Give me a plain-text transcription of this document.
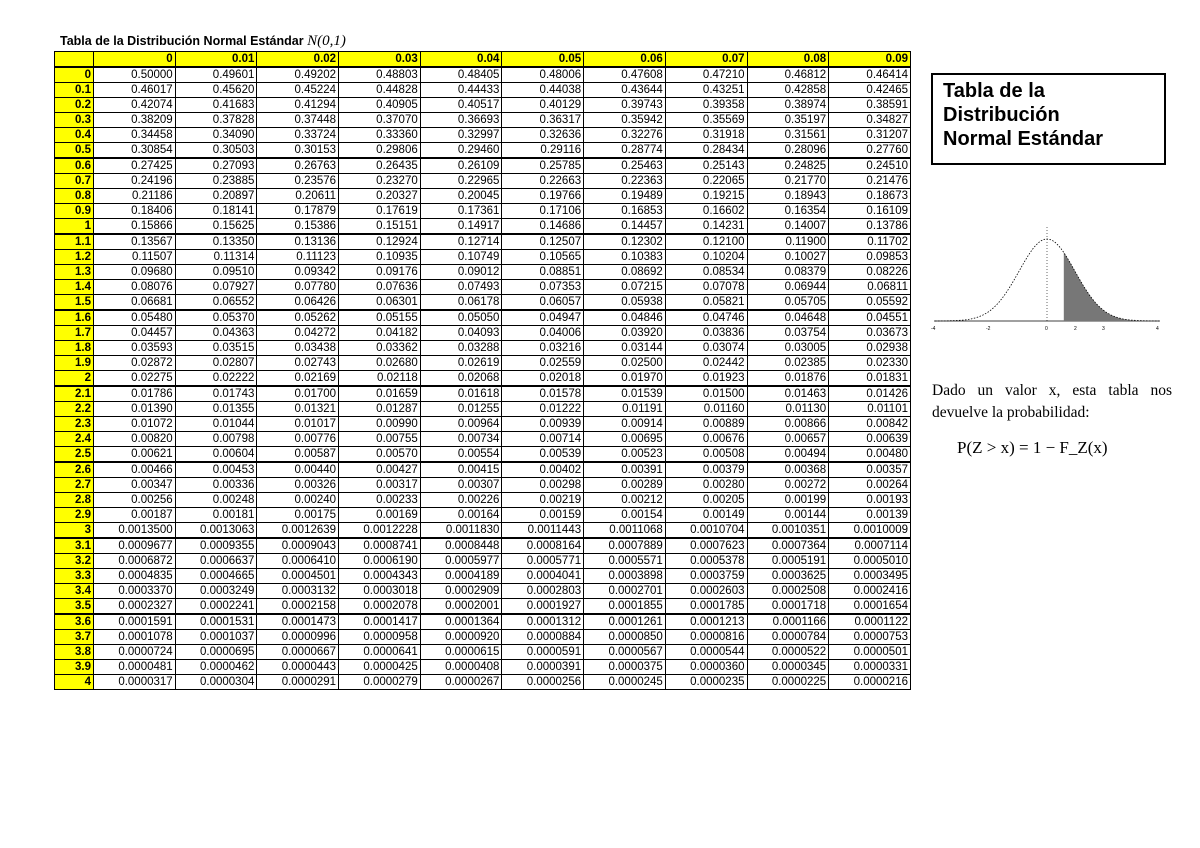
Tabla de la Distribución Normal Estándar N(0,1)
	0	0.01	0.02	0.03	0.04	0.05	0.06	0.07	0.08	0.09
0	0.50000	0.49601	0.49202	0.48803	0.48405	0.48006	0.47608	0.47210	0.46812	0.46414
0.1	0.46017	0.45620	0.45224	0.44828	0.44433	0.44038	0.43644	0.43251	0.42858	0.42465
0.2	0.42074	0.41683	0.41294	0.40905	0.40517	0.40129	0.39743	0.39358	0.38974	0.38591
0.3	0.38209	0.37828	0.37448	0.37070	0.36693	0.36317	0.35942	0.35569	0.35197	0.34827
0.4	0.34458	0.34090	0.33724	0.33360	0.32997	0.32636	0.32276	0.31918	0.31561	0.31207
0.5	0.30854	0.30503	0.30153	0.29806	0.29460	0.29116	0.28774	0.28434	0.28096	0.27760
0.6	0.27425	0.27093	0.26763	0.26435	0.26109	0.25785	0.25463	0.25143	0.24825	0.24510
0.7	0.24196	0.23885	0.23576	0.23270	0.22965	0.22663	0.22363	0.22065	0.21770	0.21476
0.8	0.21186	0.20897	0.20611	0.20327	0.20045	0.19766	0.19489	0.19215	0.18943	0.18673
0.9	0.18406	0.18141	0.17879	0.17619	0.17361	0.17106	0.16853	0.16602	0.16354	0.16109
1	0.15866	0.15625	0.15386	0.15151	0.14917	0.14686	0.14457	0.14231	0.14007	0.13786
1.1	0.13567	0.13350	0.13136	0.12924	0.12714	0.12507	0.12302	0.12100	0.11900	0.11702
1.2	0.11507	0.11314	0.11123	0.10935	0.10749	0.10565	0.10383	0.10204	0.10027	0.09853
1.3	0.09680	0.09510	0.09342	0.09176	0.09012	0.08851	0.08692	0.08534	0.08379	0.08226
1.4	0.08076	0.07927	0.07780	0.07636	0.07493	0.07353	0.07215	0.07078	0.06944	0.06811
1.5	0.06681	0.06552	0.06426	0.06301	0.06178	0.06057	0.05938	0.05821	0.05705	0.05592
1.6	0.05480	0.05370	0.05262	0.05155	0.05050	0.04947	0.04846	0.04746	0.04648	0.04551
1.7	0.04457	0.04363	0.04272	0.04182	0.04093	0.04006	0.03920	0.03836	0.03754	0.03673
1.8	0.03593	0.03515	0.03438	0.03362	0.03288	0.03216	0.03144	0.03074	0.03005	0.02938
1.9	0.02872	0.02807	0.02743	0.02680	0.02619	0.02559	0.02500	0.02442	0.02385	0.02330
2	0.02275	0.02222	0.02169	0.02118	0.02068	0.02018	0.01970	0.01923	0.01876	0.01831
2.1	0.01786	0.01743	0.01700	0.01659	0.01618	0.01578	0.01539	0.01500	0.01463	0.01426
2.2	0.01390	0.01355	0.01321	0.01287	0.01255	0.01222	0.01191	0.01160	0.01130	0.01101
2.3	0.01072	0.01044	0.01017	0.00990	0.00964	0.00939	0.00914	0.00889	0.00866	0.00842
2.4	0.00820	0.00798	0.00776	0.00755	0.00734	0.00714	0.00695	0.00676	0.00657	0.00639
2.5	0.00621	0.00604	0.00587	0.00570	0.00554	0.00539	0.00523	0.00508	0.00494	0.00480
2.6	0.00466	0.00453	0.00440	0.00427	0.00415	0.00402	0.00391	0.00379	0.00368	0.00357
2.7	0.00347	0.00336	0.00326	0.00317	0.00307	0.00298	0.00289	0.00280	0.00272	0.00264
2.8	0.00256	0.00248	0.00240	0.00233	0.00226	0.00219	0.00212	0.00205	0.00199	0.00193
2.9	0.00187	0.00181	0.00175	0.00169	0.00164	0.00159	0.00154	0.00149	0.00144	0.00139
3	0.0013500	0.0013063	0.0012639	0.0012228	0.0011830	0.0011443	0.0011068	0.0010704	0.0010351	0.0010009
3.1	0.0009677	0.0009355	0.0009043	0.0008741	0.0008448	0.0008164	0.0007889	0.0007623	0.0007364	0.0007114
3.2	0.0006872	0.0006637	0.0006410	0.0006190	0.0005977	0.0005771	0.0005571	0.0005378	0.0005191	0.0005010
3.3	0.0004835	0.0004665	0.0004501	0.0004343	0.0004189	0.0004041	0.0003898	0.0003759	0.0003625	0.0003495
3.4	0.0003370	0.0003249	0.0003132	0.0003018	0.0002909	0.0002803	0.0002701	0.0002603	0.0002508	0.0002416
3.5	0.0002327	0.0002241	0.0002158	0.0002078	0.0002001	0.0001927	0.0001855	0.0001785	0.0001718	0.0001654
3.6	0.0001591	0.0001531	0.0001473	0.0001417	0.0001364	0.0001312	0.0001261	0.0001213	0.0001166	0.0001122
3.7	0.0001078	0.0001037	0.0000996	0.0000958	0.0000920	0.0000884	0.0000850	0.0000816	0.0000784	0.0000753
3.8	0.0000724	0.0000695	0.0000667	0.0000641	0.0000615	0.0000591	0.0000567	0.0000544	0.0000522	0.0000501
3.9	0.0000481	0.0000462	0.0000443	0.0000425	0.0000408	0.0000391	0.0000375	0.0000360	0.0000345	0.0000331
4	0.0000317	0.0000304	0.0000291	0.0000279	0.0000267	0.0000256	0.0000245	0.0000235	0.0000225	0.0000216
Tabla de la
Distribución
Normal Estándar
-4	-2	0	2	3	4
Dado un valor x, esta tabla nos devuelve la probabilidad:
P(Z > x) = 1 − F_Z(x)
